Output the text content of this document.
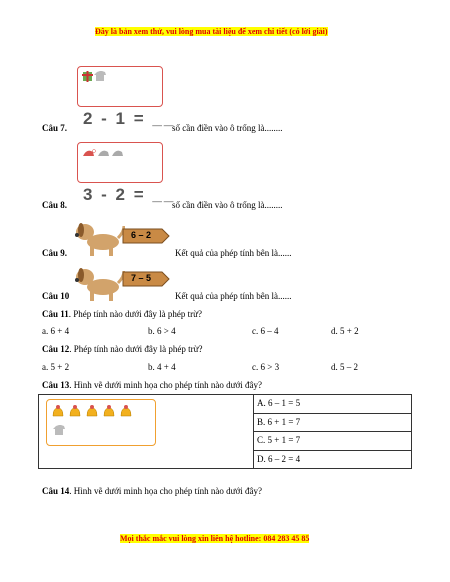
Đây là bản xem thử, vui lòng mua tài liệu để xem chi tiết (có lời giải)
2 - 1 = __
Câu 7.	số cần điền vào ô trống là........
3 - 2 = __
Câu 8.	số cần điền vào ô trống là........
6 – 2
Câu 9.	Kết quả của phép tính bên là......
7 – 5
Câu 10	Kết quả của phép tính bên là......
Câu 11. Phép tính nào dưới đây là phép trừ?
a. 6 + 4	b. 6 > 4	c. 6 – 4	d. 5 + 2
Câu 12. Phép tính nào dưới đây là phép trừ?
a. 5 + 2	b. 4 + 4	c. 6 > 3	d. 5 – 2
Câu 13. Hình vẽ dưới minh họa cho phép tính nào dưới đây?

A. 6 – 1 = 5
B. 6 + 1 = 7
C. 5 + 1 = 7
D. 6 – 2 = 4
Câu 14. Hình vẽ dưới minh họa cho phép tính nào dưới đây?
Mọi thắc mắc vui lòng xin liên hệ hotline: 084 283 45 85
